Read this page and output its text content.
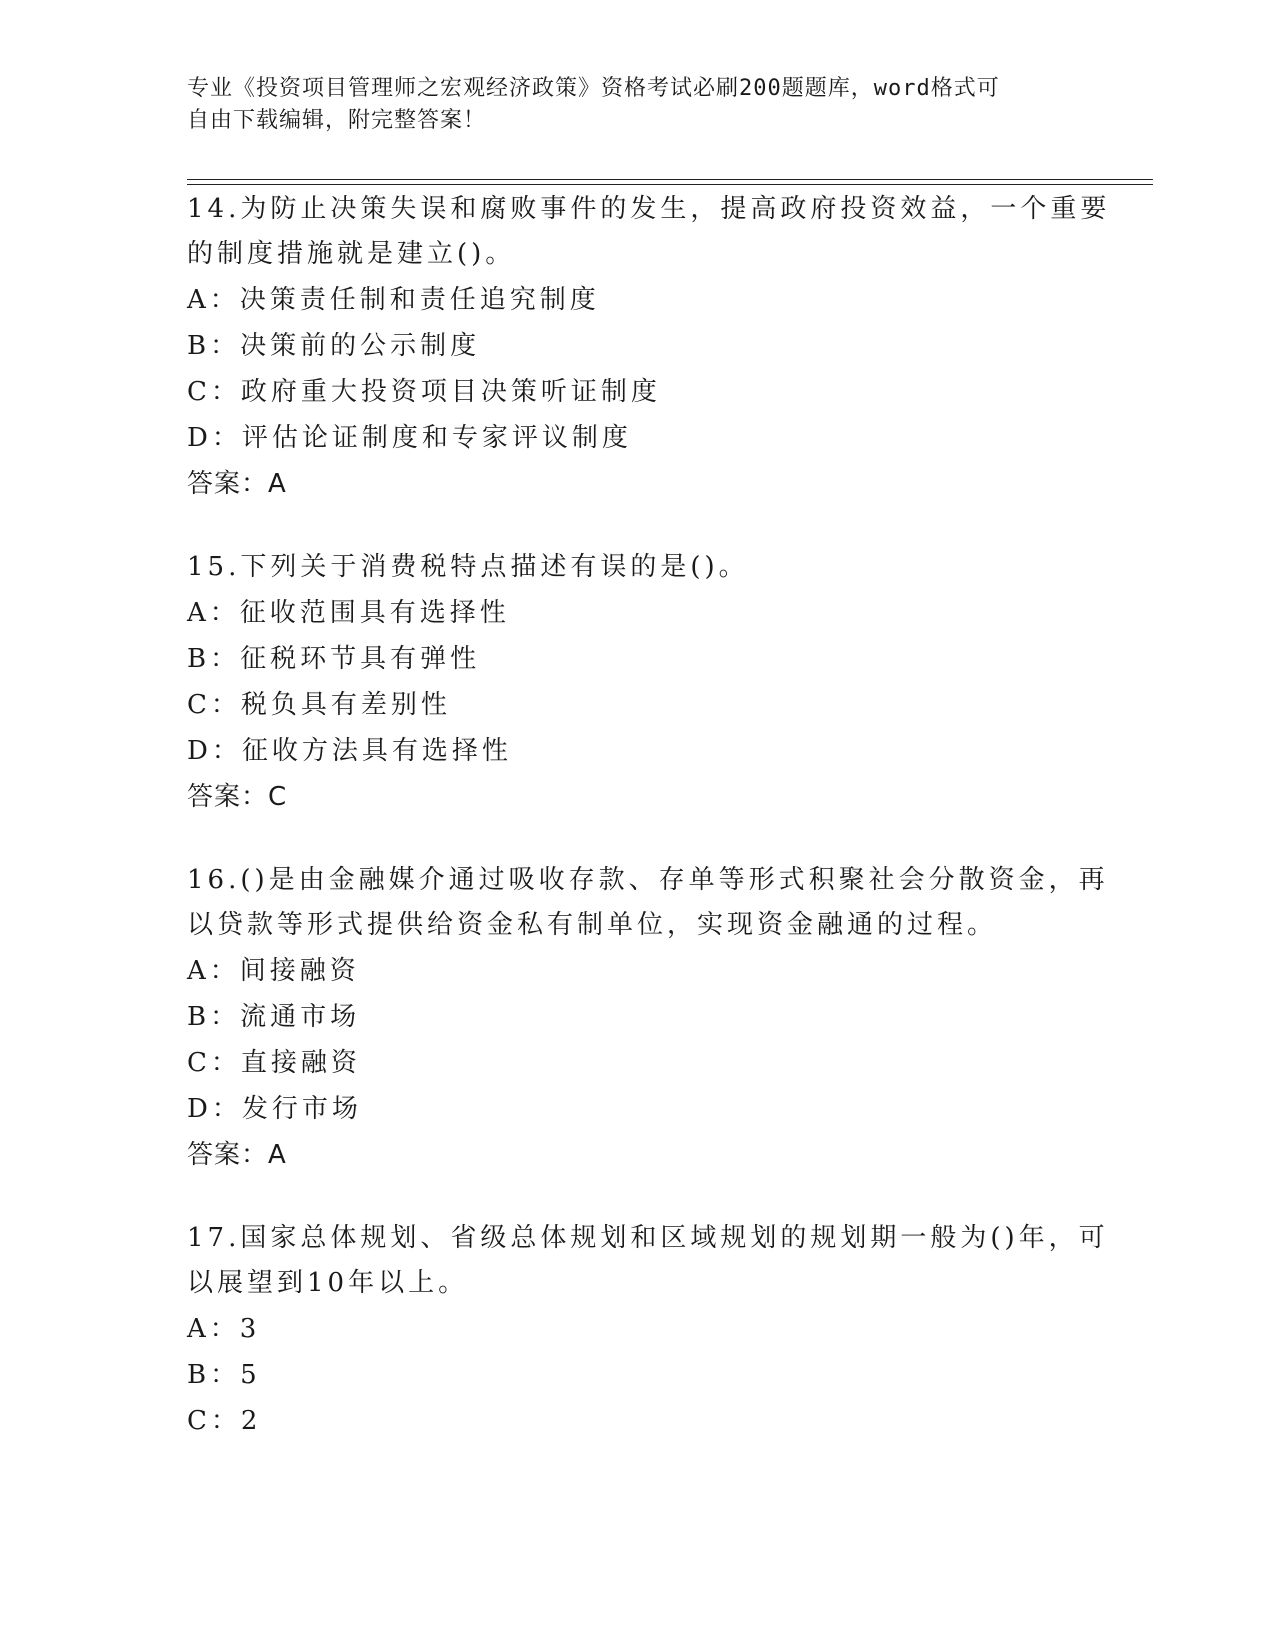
专业《投资项目管理师之宏观经济政策》资格考试必刷200题题库，word格式可
自由下载编辑，附完整答案！
14.为防止决策失误和腐败事件的发生，提高政府投资效益，一个重要
的制度措施就是建立()。
A：决策责任制和责任追究制度
B：决策前的公示制度
C：政府重大投资项目决策听证制度
D：评估论证制度和专家评议制度
答案：A
15.下列关于消费税特点描述有误的是()。
A：征收范围具有选择性
B：征税环节具有弹性
C：税负具有差别性
D：征收方法具有选择性
答案：C
16.()是由金融媒介通过吸收存款、存单等形式积聚社会分散资金，再
以贷款等形式提供给资金私有制单位，实现资金融通的过程。
A：间接融资
B：流通市场
C：直接融资
D：发行市场
答案：A
17.国家总体规划、省级总体规划和区域规划的规划期一般为()年，可
以展望到10年以上。
A：3
B：5
C：2
